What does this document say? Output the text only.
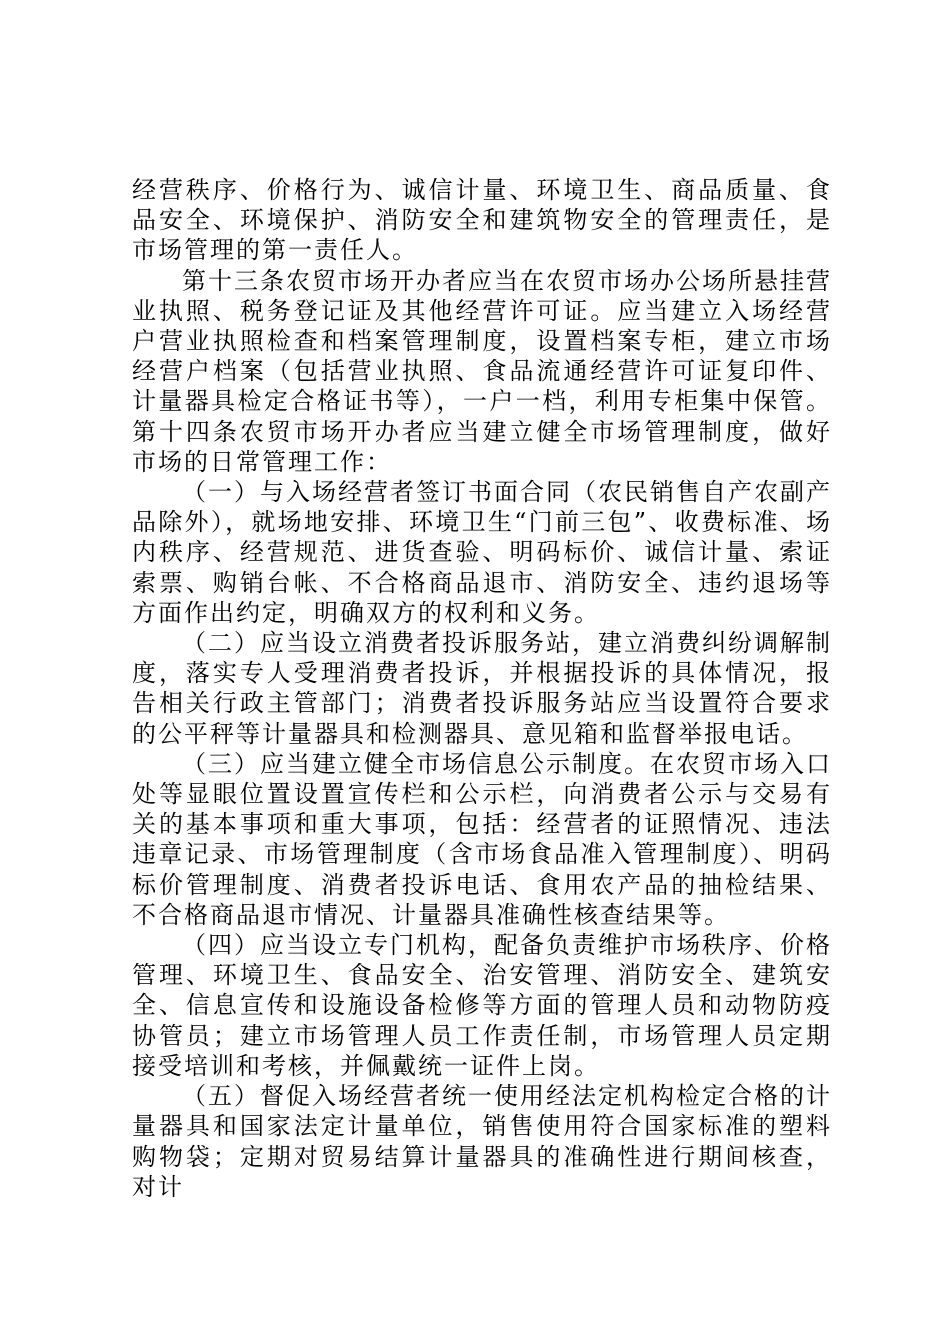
经营秩序、价格行为、诚信计量、环境卫生、商品质量、食品安全、环境保护、消防安全和建筑物安全的管理责任，是市场管理的第一责任人。

第十三条农贸市场开办者应当在农贸市场办公场所悬挂营业执照、税务登记证及其他经营许可证。应当建立入场经营户营业执照检查和档案管理制度，设置档案专柜，建立市场经营户档案（包括营业执照、食品流通经营许可证复印件、计量器具检定合格证书等），一户一档，利用专柜集中保管。第十四条农贸市场开办者应当建立健全市场管理制度，做好市场的日常管理工作：

（一）与入场经营者签订书面合同（农民销售自产农副产品除外），就场地安排、环境卫生“门前三包”、收费标准、场内秩序、经营规范、进货查验、明码标价、诚信计量、索证索票、购销台帐、不合格商品退市、消防安全、违约退场等方面作出约定，明确双方的权利和义务。

（二）应当设立消费者投诉服务站，建立消费纠纷调解制度，落实专人受理消费者投诉，并根据投诉的具体情况，报告相关行政主管部门；消费者投诉服务站应当设置符合要求的公平秤等计量器具和检测器具、意见箱和监督举报电话。

（三）应当建立健全市场信息公示制度。在农贸市场入口处等显眼位置设置宣传栏和公示栏，向消费者公示与交易有关的基本事项和重大事项，包括：经营者的证照情况、违法违章记录、市场管理制度（含市场食品准入管理制度）、明码标价管理制度、消费者投诉电话、食用农产品的抽检结果、不合格商品退市情况、计量器具准确性核查结果等。

（四）应当设立专门机构，配备负责维护市场秩序、价格管理、环境卫生、食品安全、治安管理、消防安全、建筑安全、信息宣传和设施设备检修等方面的管理人员和动物防疫协管员；建立市场管理人员工作责任制，市场管理人员定期接受培训和考核，并佩戴统一证件上岗。

（五）督促入场经营者统一使用经法定机构检定合格的计量器具和国家法定计量单位，销售使用符合国家标准的塑料购物袋；定期对贸易结算计量器具的准确性进行期间核查，对计
